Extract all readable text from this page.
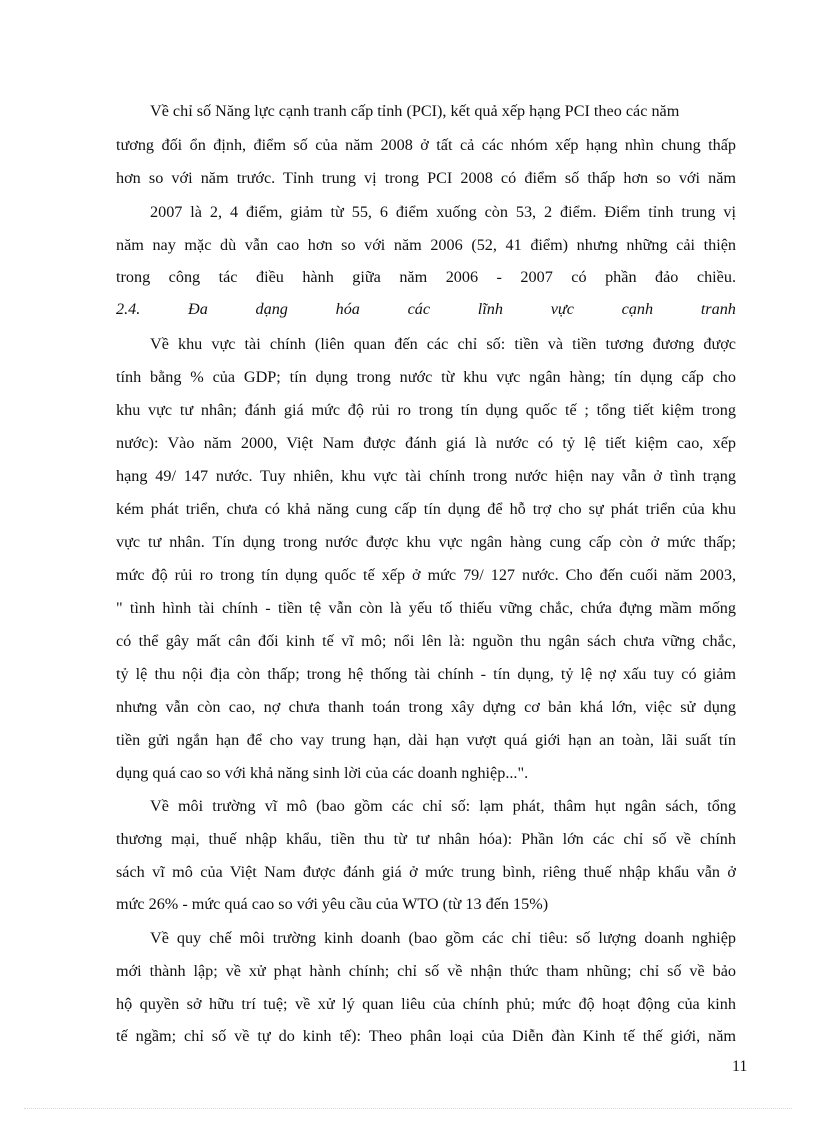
Về chỉ số Năng lực cạnh tranh cấp tỉnh (PCI), kết quả xếp hạng PCI theo các năm
tương đối ổn định, điểm số của năm 2008 ở tất cả các nhóm xếp hạng nhìn chung thấp
hơn so với năm trước. Tỉnh trung vị trong PCI 2008 có điểm số thấp hơn so với năm
2007 là 2, 4 điểm, giảm từ 55, 6 điểm xuống còn 53, 2 điểm. Điểm tỉnh trung vị
năm nay mặc dù vẫn cao hơn so với năm 2006 (52, 41 điểm) nhưng những cải thiện
trong công tác điều hành giữa năm 2006 - 2007 có phần đảo chiều.
2.4.	Đa	dạng	hóa	các	lĩnh	vực	cạnh	tranh
Về khu vực tài chính (liên quan đến các chỉ số: tiền và tiền tương đương được
tính bằng % của GDP; tín dụng trong nước từ khu vực ngân hàng; tín dụng cấp cho
khu vực tư nhân; đánh giá mức độ rủi ro trong tín dụng quốc tế ; tổng tiết kiệm trong
nước): Vào năm 2000, Việt Nam được đánh giá là nước có tỷ lệ tiết kiệm cao, xếp
hạng 49/ 147 nước. Tuy nhiên, khu vực tài chính trong nước hiện nay vẫn ở tình trạng
kém phát triển, chưa có khả năng cung cấp tín dụng để hỗ trợ cho sự phát triển của khu
vực tư nhân. Tín dụng trong nước được khu vực ngân hàng cung cấp còn ở mức thấp;
mức độ rủi ro trong tín dụng quốc tế xếp ở mức 79/ 127 nước. Cho đến cuối năm 2003,
" tình hình tài chính - tiền tệ vẫn còn là yếu tố thiếu vững chắc, chứa đựng mầm mống
có thể gây mất cân đối kinh tế vĩ mô; nổi lên là: nguồn thu ngân sách chưa vững chắc,
tỷ lệ thu nội địa còn thấp; trong hệ thống tài chính - tín dụng, tỷ lệ nợ xấu tuy có giảm
nhưng vẫn còn cao, nợ chưa thanh toán trong xây dựng cơ bản khá lớn, việc sử dụng
tiền gửi ngắn hạn để cho vay trung hạn, dài hạn vượt quá giới hạn an toàn, lãi suất tín
dụng quá cao so với khả năng sinh lời của các doanh nghiệp...".
Về môi trường vĩ mô (bao gồm các chỉ số: lạm phát, thâm hụt ngân sách, tổng
thương mại, thuế nhập khẩu, tiền thu từ tư nhân hóa): Phần lớn các chỉ số về chính
sách vĩ mô của Việt Nam được đánh giá ở mức trung bình, riêng thuế nhập khẩu vẫn ở
mức 26% - mức quá cao so với yêu cầu của WTO (từ 13 đến 15%)
Về quy chế môi trường kinh doanh (bao gồm các chỉ tiêu: số lượng doanh nghiệp
mới thành lập; về xử phạt hành chính; chỉ số về nhận thức tham nhũng; chỉ số về bảo
hộ quyền sở hữu trí tuệ; về xử lý quan liêu của chính phủ; mức độ hoạt động của kinh
tế ngầm; chỉ số về tự do kinh tế): Theo phân loại của Diễn đàn Kinh tế thế giới, năm
11
